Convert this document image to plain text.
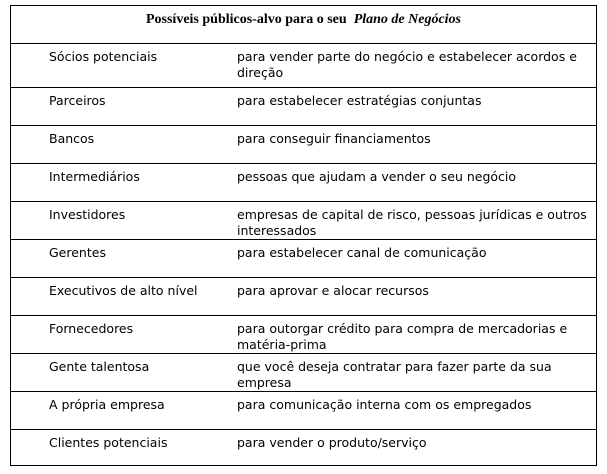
Possíveis públicos-alvo para o seu Plano de Negócios
Sócios potenciais	para vender parte do negócio e estabelecer acordos e direção
Parceiros	para estabelecer estratégias conjuntas
Bancos	para conseguir financiamentos
Intermediários	pessoas que ajudam a vender o seu negócio
Investidores	empresas de capital de risco, pessoas jurídicas e outros interessados
Gerentes	para estabelecer canal de comunicação
Executivos de alto nível	para aprovar e alocar recursos
Fornecedores	para outorgar crédito para compra de mercadorias e matéria-prima
Gente talentosa	que você deseja contratar para fazer parte da sua empresa
A própria empresa	para comunicação interna com os empregados
Clientes potenciais	para vender o produto/serviço
